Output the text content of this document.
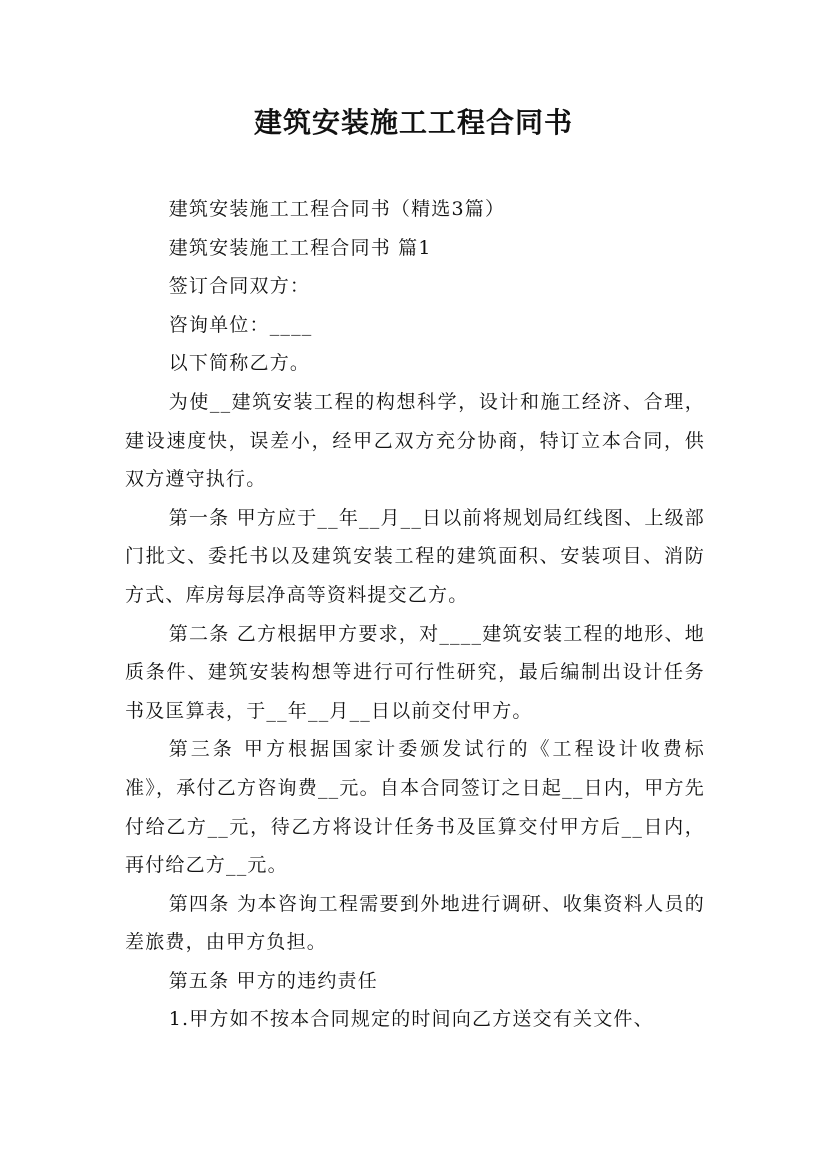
建筑安装施工工程合同书

建筑安装施工工程合同书（精选3篇）

建筑安装施工工程合同书 篇1

签订合同双方：

咨询单位：____

以下简称乙方。

为使__建筑安装工程的构想科学，设计和施工经济、合理，建设速度快，误差小，经甲乙双方充分协商，特订立本合同，供双方遵守执行。

第一条 甲方应于__年__月__日以前将规划局红线图、上级部门批文、委托书以及建筑安装工程的建筑面积、安装项目、消防方式、库房每层净高等资料提交乙方。

第二条 乙方根据甲方要求，对____建筑安装工程的地形、地质条件、建筑安装构想等进行可行性研究，最后编制出设计任务书及匡算表，于__年__月__日以前交付甲方。

第三条 甲方根据国家计委颁发试行的《工程设计收费标准》，承付乙方咨询费__元。自本合同签订之日起__日内，甲方先付给乙方__元，待乙方将设计任务书及匡算交付甲方后__日内，再付给乙方__元。

第四条 为本咨询工程需要到外地进行调研、收集资料人员的差旅费，由甲方负担。

第五条 甲方的违约责任

1.甲方如不按本合同规定的时间向乙方送交有关文件、
